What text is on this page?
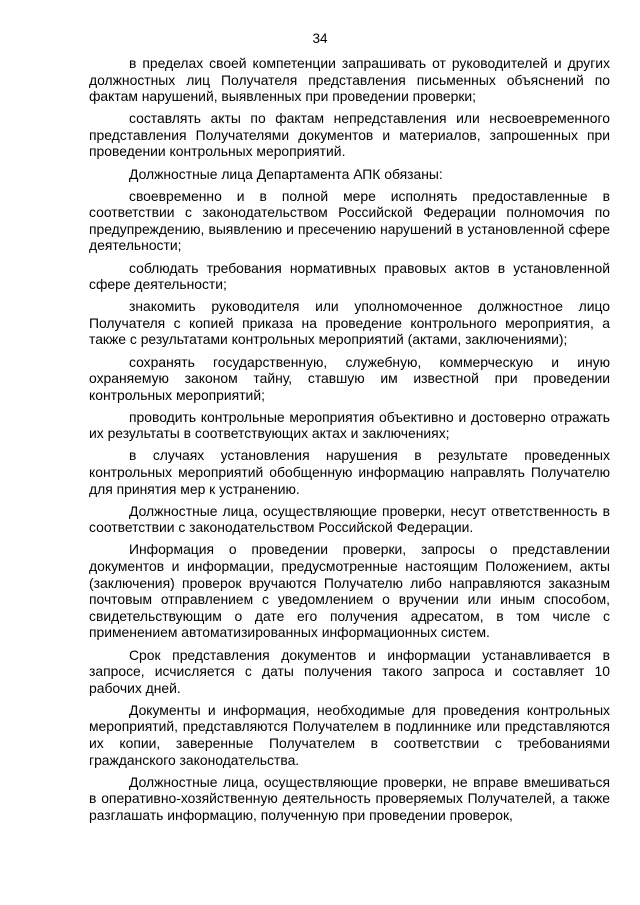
34

в пределах своей компетенции запрашивать от руководителей и других должностных лиц Получателя представления письменных объяснений по фактам нарушений, выявленных при проведении проверки;

составлять акты по фактам непредставления или несвоевременного представления Получателями документов и материалов, запрошенных при проведении контрольных мероприятий.

Должностные лица Департамента АПК обязаны:

своевременно и в полной мере исполнять предоставленные в соответствии с законодательством Российской Федерации полномочия по предупреждению, выявлению и пресечению нарушений в установленной сфере деятельности;

соблюдать требования нормативных правовых актов в установленной сфере деятельности;

знакомить руководителя или уполномоченное должностное лицо Получателя с копией приказа на проведение контрольного мероприятия, а также с результатами контрольных мероприятий (актами, заключениями);

сохранять государственную, служебную, коммерческую и иную охраняемую законом тайну, ставшую им известной при проведении контрольных мероприятий;

проводить контрольные мероприятия объективно и достоверно отражать их результаты в соответствующих актах и заключениях;

в случаях установления нарушения в результате проведенных контрольных мероприятий обобщенную информацию направлять Получателю для принятия мер к устранению.

Должностные лица, осуществляющие проверки, несут ответственность в соответствии с законодательством Российской Федерации.

Информация о проведении проверки, запросы о представлении документов и информации, предусмотренные настоящим Положением, акты (заключения) проверок вручаются Получателю либо направляются заказным почтовым отправлением с уведомлением о вручении или иным способом, свидетельствующим о дате его получения адресатом, в том числе с применением автоматизированных информационных систем.

Срок представления документов и информации устанавливается в запросе, исчисляется с даты получения такого запроса и составляет 10 рабочих дней.

Документы и информация, необходимые для проведения контрольных мероприятий, представляются Получателем в подлиннике или представляются их копии, заверенные Получателем в соответствии с требованиями гражданского законодательства.

Должностные лица, осуществляющие проверки, не вправе вмешиваться в оперативно-хозяйственную деятельность проверяемых Получателей, а также разглашать информацию, полученную при проведении проверок,
